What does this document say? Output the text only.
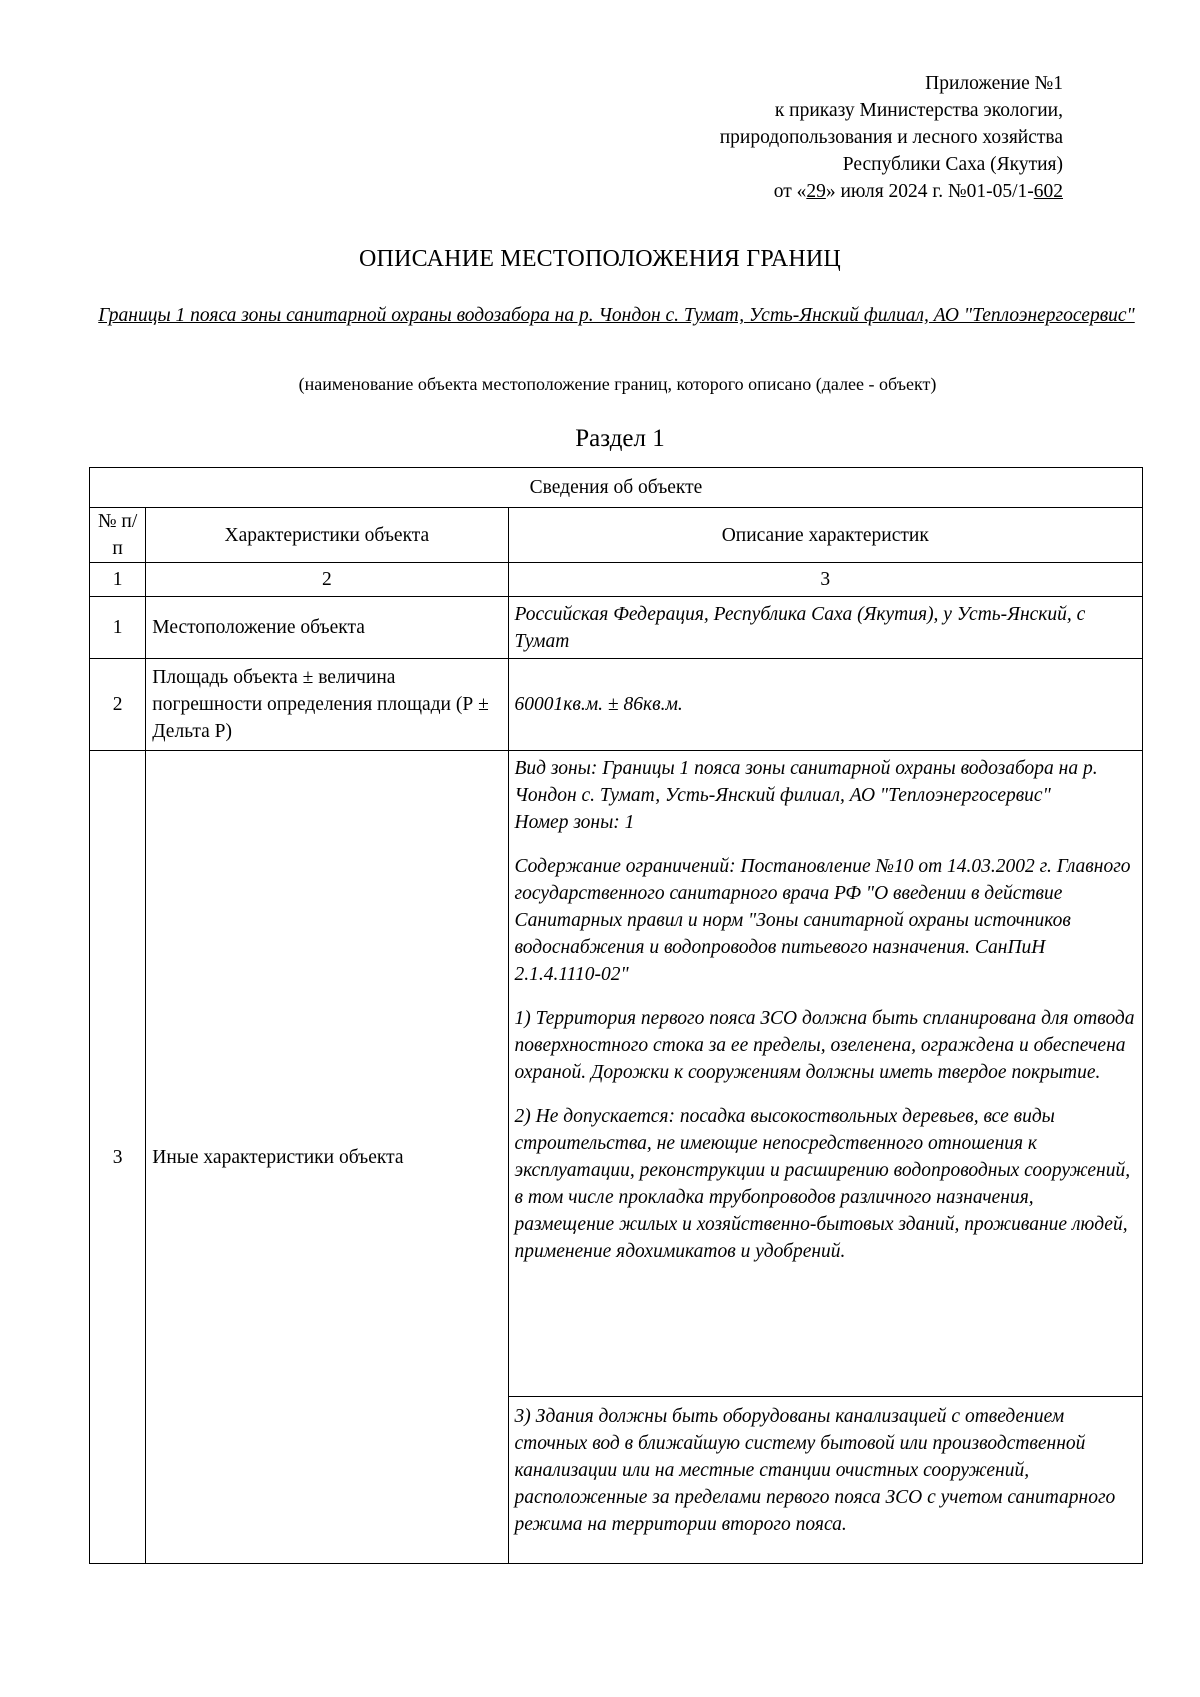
Приложение №1
к приказу Министерства экологии,
природопользования и лесного хозяйства
Республики Саха (Якутия)
от «29» июля 2024 г. №01-05/1-602
ОПИСАНИЕ МЕСТОПОЛОЖЕНИЯ ГРАНИЦ
Границы 1 пояса зоны санитарной охраны водозабора на р. Чондон с. Тумат, Усть-Янский филиал, АО "Теплоэнергосервис"
(наименование объекта местоположение границ, которого описано (далее - объект)
Раздел 1
Сведения об объекте		
№ п/п	Характеристики объекта	Описание характеристик
1	2	3
1	Местоположение объекта	Российская Федерация, Республика Саха (Якутия), у Усть-Янский, с Тумат
2	Площадь объекта ± величина погрешности определения площади (Р ± Дельта Р)	60001кв.м. ± 86кв.м.
3	Иные характеристики объекта	Вид зоны: Границы 1 пояса зоны санитарной охраны водозабора на р. Чондон с. Тумат, Усть-Янский филиал, АО "Теплоэнергосервис"

Номер зоны: 1

Содержание ограничений: Постановление №10 от 14.03.2002 г. Главного государственного санитарного врача РФ "О введении в действие Санитарных правил и норм "Зоны санитарной охраны источников водоснабжения и водопроводов питьевого назначения. СанПиН 2.1.4.1110-02"

1) Территория первого пояса ЗСО должна быть спланирована для отвода поверхностного стока за ее пределы, озеленена, ограждена и обеспечена охраной. Дорожки к сооружениям должны иметь твердое покрытие.

2) Не допускается: посадка высокоствольных деревьев, все виды строительства, не имеющие непосредственного отношения к эксплуатации, реконструкции и расширению водопроводных сооружений, в том числе прокладка трубопроводов различного назначения, размещение жилых и хозяйственно-бытовых зданий, проживание людей, применение ядохимикатов и удобрений.

		3) Здания должны быть оборудованы канализацией с отведением сточных вод в ближайшую систему бытовой или производственной канализации или на местные станции очистных сооружений, расположенные за пределами первого пояса ЗСО с учетом санитарного режима на территории второго пояса.
